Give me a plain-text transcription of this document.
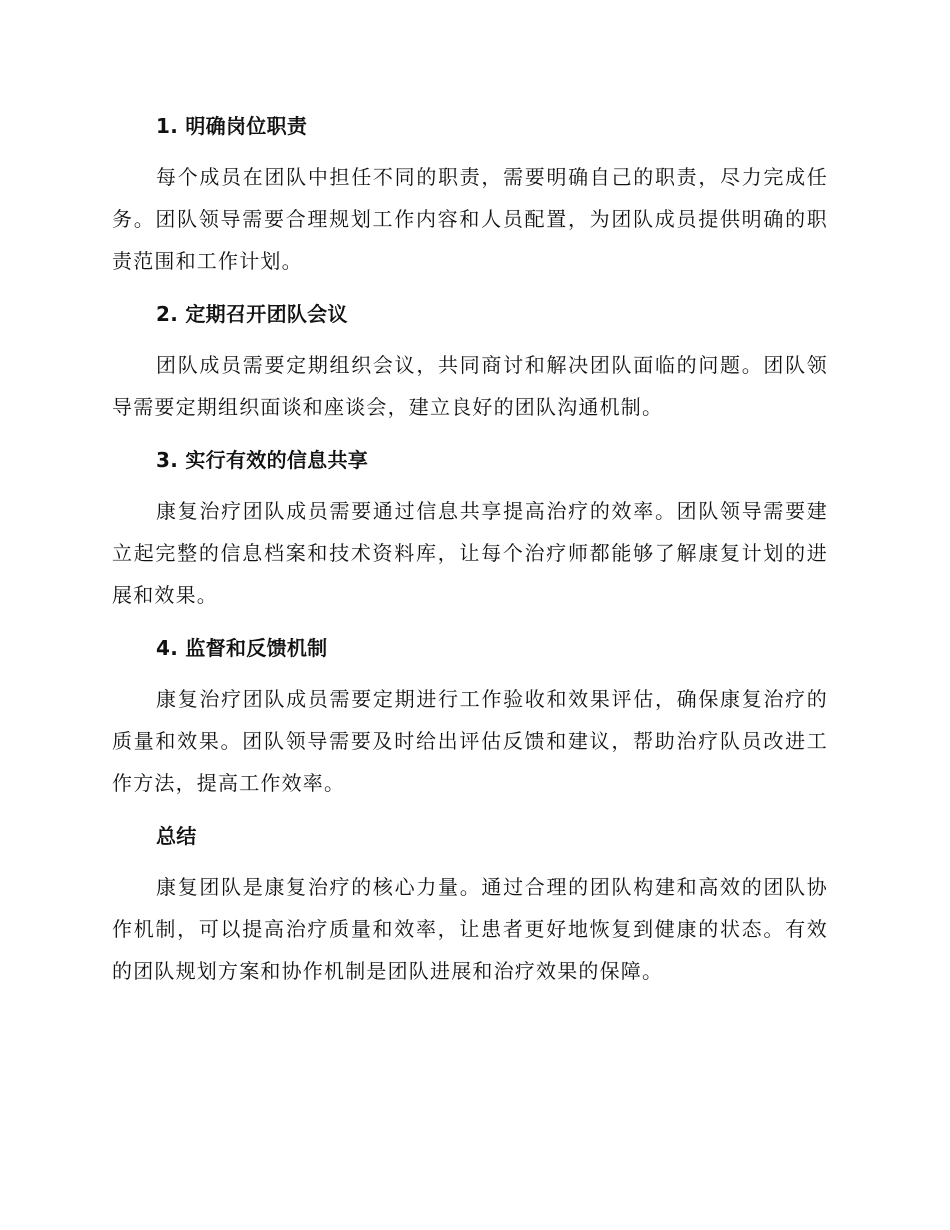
1. 明确岗位职责

每个成员在团队中担任不同的职责，需要明确自己的职责，尽力完成任务。团队领导需要合理规划工作内容和人员配置，为团队成员提供明确的职责范围和工作计划。

2. 定期召开团队会议

团队成员需要定期组织会议，共同商讨和解决团队面临的问题。团队领导需要定期组织面谈和座谈会，建立良好的团队沟通机制。

3. 实行有效的信息共享

康复治疗团队成员需要通过信息共享提高治疗的效率。团队领导需要建立起完整的信息档案和技术资料库，让每个治疗师都能够了解康复计划的进展和效果。

4. 监督和反馈机制

康复治疗团队成员需要定期进行工作验收和效果评估，确保康复治疗的质量和效果。团队领导需要及时给出评估反馈和建议，帮助治疗队员改进工作方法，提高工作效率。

总结

康复团队是康复治疗的核心力量。通过合理的团队构建和高效的团队协作机制，可以提高治疗质量和效率，让患者更好地恢复到健康的状态。有效的团队规划方案和协作机制是团队进展和治疗效果的保障。
